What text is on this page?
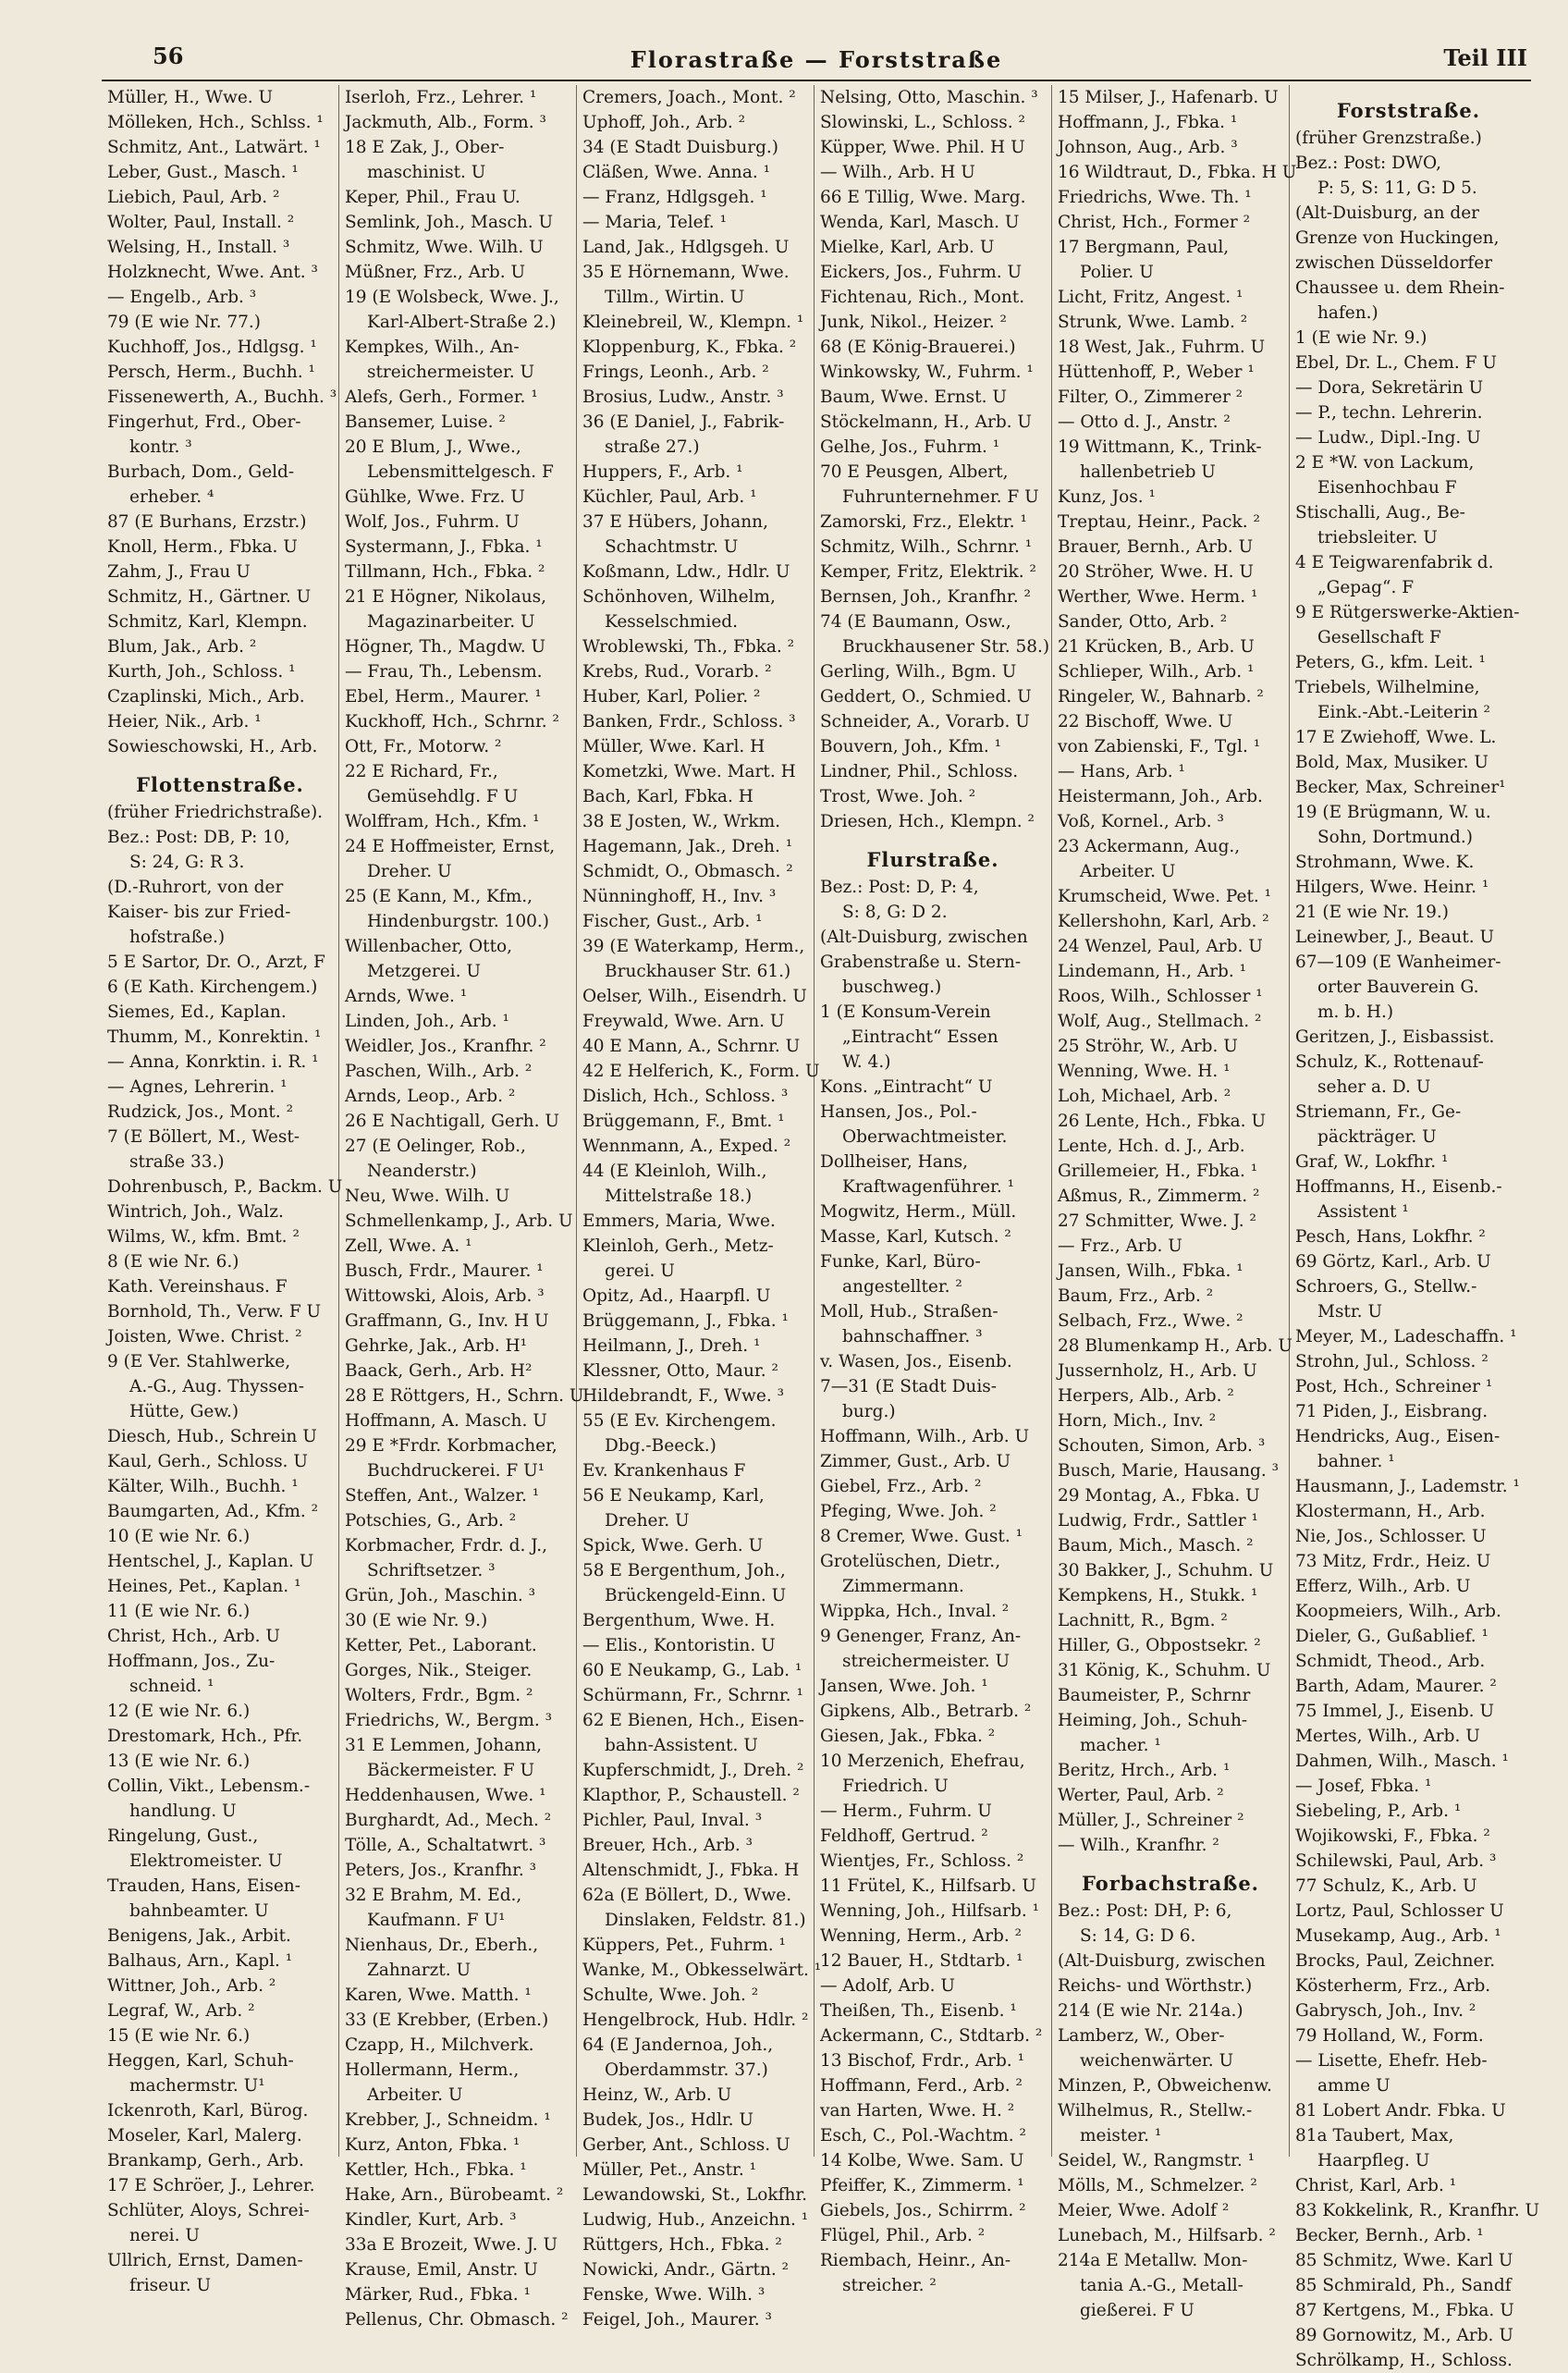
56	Florastraße — Forststraße	Teil III
Müller, H., Wwe. U
Mölleken, Hch., Schlss. ¹
Schmitz, Ant., Latwärt. ¹
Leber, Gust., Masch. ¹
Liebich, Paul, Arb. ²
Wolter, Paul, Install. ²
Welsing, H., Install. ³
Holzknecht, Wwe. Ant. ³
— Engelb., Arb. ³
79 (E wie Nr. 77.)
Kuchhoff, Jos., Hdlgsg. ¹
Persch, Herm., Buchh. ¹
Fissenewerth, A., Buchh. ³
Fingerhut, Frd., Ober-
kontr. ³
Burbach, Dom., Geld-
erheber. ⁴
87 (E Burhans, Erzstr.)
Knoll, Herm., Fbka. U
Zahm, J., Frau U
Schmitz, H., Gärtner. U
Schmitz, Karl, Klempn.
Blum, Jak., Arb. ²
Kurth, Joh., Schloss. ¹
Czaplinski, Mich., Arb.
Heier, Nik., Arb. ¹
Sowieschowski, H., Arb.
Flottenstraße.
(früher Friedrichstraße).
Bez.: Post: DB, P: 10,
S: 24, G: R 3.
(D.-Ruhrort, von der
Kaiser- bis zur Fried-
hofstraße.)
5 E Sartor, Dr. O., Arzt, F
6 (E Kath. Kirchengem.)
Siemes, Ed., Kaplan.
Thumm, M., Konrektin. ¹
— Anna, Konrktin. i. R. ¹
— Agnes, Lehrerin. ¹
Rudzick, Jos., Mont. ²
7 (E Böllert, M., West-
straße 33.)
Dohrenbusch, P., Backm. U
Wintrich, Joh., Walz.
Wilms, W., kfm. Bmt. ²
8 (E wie Nr. 6.)
Kath. Vereinshaus. F
Bornhold, Th., Verw. F U
Joisten, Wwe. Christ. ²
9 (E Ver. Stahlwerke,
A.-G., Aug. Thyssen-
Hütte, Gew.)
Diesch, Hub., Schrein U
Kaul, Gerh., Schloss. U
Kälter, Wilh., Buchh. ¹
Baumgarten, Ad., Kfm. ²
10 (E wie Nr. 6.)
Hentschel, J., Kaplan. U
Heines, Pet., Kaplan. ¹
11 (E wie Nr. 6.)
Christ, Hch., Arb. U
Hoffmann, Jos., Zu-
schneid. ¹
12 (E wie Nr. 6.)
Drestomark, Hch., Pfr.
13 (E wie Nr. 6.)
Collin, Vikt., Lebensm.-
handlung. U
Ringelung, Gust.,
Elektromeister. U
Trauden, Hans, Eisen-
bahnbeamter. U
Benigens, Jak., Arbit.
Balhaus, Arn., Kapl. ¹
Wittner, Joh., Arb. ²
Legraf, W., Arb. ²
15 (E wie Nr. 6.)
Heggen, Karl, Schuh-
machermstr. U¹
Ickenroth, Karl, Bürog.
Moseler, Karl, Malerg.
Brankamp, Gerh., Arb.
17 E Schröer, J., Lehrer.
Schlüter, Aloys, Schrei-
nerei. U
Ullrich, Ernst, Damen-
friseur. U
Iserloh, Frz., Lehrer. ¹
Jackmuth, Alb., Form. ³
18 E Zak, J., Ober-
maschinist. U
Keper, Phil., Frau U.
Semlink, Joh., Masch. U
Schmitz, Wwe. Wilh. U
Müßner, Frz., Arb. U
19 (E Wolsbeck, Wwe. J.,
Karl-Albert-Straße 2.)
Kempkes, Wilh., An-
streichermeister. U
Alefs, Gerh., Former. ¹
Bansemer, Luise. ²
20 E Blum, J., Wwe.,
Lebensmittelgesch. F
Gühlke, Wwe. Frz. U
Wolf, Jos., Fuhrm. U
Systermann, J., Fbka. ¹
Tillmann, Hch., Fbka. ²
21 E Högner, Nikolaus,
Magazinarbeiter. U
Högner, Th., Magdw. U
— Frau, Th., Lebensm.
Ebel, Herm., Maurer. ¹
Kuckhoff, Hch., Schrnr. ²
Ott, Fr., Motorw. ²
22 E Richard, Fr.,
Gemüsehdlg. F U
Wolffram, Hch., Kfm. ¹
24 E Hoffmeister, Ernst,
Dreher. U
25 (E Kann, M., Kfm.,
Hindenburgstr. 100.)
Willenbacher, Otto,
Metzgerei. U
Arnds, Wwe. ¹
Linden, Joh., Arb. ¹
Weidler, Jos., Kranfhr. ²
Paschen, Wilh., Arb. ²
Arnds, Leop., Arb. ²
26 E Nachtigall, Gerh. U
27 (E Oelinger, Rob.,
Neanderstr.)
Neu, Wwe. Wilh. U
Schmellenkamp, J., Arb. U
Zell, Wwe. A. ¹
Busch, Frdr., Maurer. ¹
Wittowski, Alois, Arb. ³
Graffmann, G., Inv. H U
Gehrke, Jak., Arb. H¹
Baack, Gerh., Arb. H²
28 E Röttgers, H., Schrn. U
Hoffmann, A. Masch. U
29 E *Frdr. Korbmacher,
Buchdruckerei. F U¹
Steffen, Ant., Walzer. ¹
Potschies, G., Arb. ²
Korbmacher, Frdr. d. J.,
Schriftsetzer. ³
Grün, Joh., Maschin. ³
30 (E wie Nr. 9.)
Ketter, Pet., Laborant.
Gorges, Nik., Steiger.
Wolters, Frdr., Bgm. ²
Friedrichs, W., Bergm. ³
31 E Lemmen, Johann,
Bäckermeister. F U
Heddenhausen, Wwe. ¹
Burghardt, Ad., Mech. ²
Tölle, A., Schaltatwrt. ³
Peters, Jos., Kranfhr. ³
32 E Brahm, M. Ed.,
Kaufmann. F U¹
Nienhaus, Dr., Eberh.,
Zahnarzt. U
Karen, Wwe. Matth. ¹
33 (E Krebber, (Erben.)
Czapp, H., Milchverk.
Hollermann, Herm.,
Arbeiter. U
Krebber, J., Schneidm. ¹
Kurz, Anton, Fbka. ¹
Kettler, Hch., Fbka. ¹
Hake, Arn., Bürobeamt. ²
Kindler, Kurt, Arb. ³
33a E Brozeit, Wwe. J. U
Krause, Emil, Anstr. U
Märker, Rud., Fbka. ¹
Pellenus, Chr. Obmasch. ²
Cremers, Joach., Mont. ²
Uphoff, Joh., Arb. ²
34 (E Stadt Duisburg.)
Cläßen, Wwe. Anna. ¹
— Franz, Hdlgsgeh. ¹
— Maria, Telef. ¹
Land, Jak., Hdlgsgeh. U
35 E Hörnemann, Wwe.
Tillm., Wirtin. U
Kleinebreil, W., Klempn. ¹
Kloppenburg, K., Fbka. ²
Frings, Leonh., Arb. ²
Brosius, Ludw., Anstr. ³
36 (E Daniel, J., Fabrik-
straße 27.)
Huppers, F., Arb. ¹
Küchler, Paul, Arb. ¹
37 E Hübers, Johann,
Schachtmstr. U
Koßmann, Ldw., Hdlr. U
Schönhoven, Wilhelm,
Kesselschmied.
Wroblewski, Th., Fbka. ²
Krebs, Rud., Vorarb. ²
Huber, Karl, Polier. ²
Banken, Frdr., Schloss. ³
Müller, Wwe. Karl. H
Kometzki, Wwe. Mart. H
Bach, Karl, Fbka. H
38 E Josten, W., Wrkm.
Hagemann, Jak., Dreh. ¹
Schmidt, O., Obmasch. ²
Nünninghoff, H., Inv. ³
Fischer, Gust., Arb. ¹
39 (E Waterkamp, Herm.,
Bruckhauser Str. 61.)
Oelser, Wilh., Eisendrh. U
Freywald, Wwe. Arn. U
40 E Mann, A., Schrnr. U
42 E Helferich, K., Form. U
Dislich, Hch., Schloss. ³
Brüggemann, F., Bmt. ¹
Wennmann, A., Exped. ²
44 (E Kleinloh, Wilh.,
Mittelstraße 18.)
Emmers, Maria, Wwe.
Kleinloh, Gerh., Metz-
gerei. U
Opitz, Ad., Haarpfl. U
Brüggemann, J., Fbka. ¹
Heilmann, J., Dreh. ¹
Klessner, Otto, Maur. ²
Hildebrandt, F., Wwe. ³
55 (E Ev. Kirchengem.
Dbg.-Beeck.)
Ev. Krankenhaus F
56 E Neukamp, Karl,
Dreher. U
Spick, Wwe. Gerh. U
58 E Bergenthum, Joh.,
Brückengeld-Einn. U
Bergenthum, Wwe. H.
— Elis., Kontoristin. U
60 E Neukamp, G., Lab. ¹
Schürmann, Fr., Schrnr. ¹
62 E Bienen, Hch., Eisen-
bahn-Assistent. U
Kupferschmidt, J., Dreh. ²
Klapthor, P., Schaustell. ²
Pichler, Paul, Inval. ³
Breuer, Hch., Arb. ³
Altenschmidt, J., Fbka. H
62a (E Böllert, D., Wwe.
Dinslaken, Feldstr. 81.)
Küppers, Pet., Fuhrm. ¹
Wanke, M., Obkesselwärt. ¹
Schulte, Wwe. Joh. ²
Hengelbrock, Hub. Hdlr. ²
64 (E Jandernoa, Joh.,
Oberdammstr. 37.)
Heinz, W., Arb. U
Budek, Jos., Hdlr. U
Gerber, Ant., Schloss. U
Müller, Pet., Anstr. ¹
Lewandowski, St., Lokfhr.
Ludwig, Hub., Anzeichn. ¹
Rüttgers, Hch., Fbka. ²
Nowicki, Andr., Gärtn. ²
Fenske, Wwe. Wilh. ³
Feigel, Joh., Maurer. ³
Nelsing, Otto, Maschin. ³
Slowinski, L., Schloss. ²
Küpper, Wwe. Phil. H U
— Wilh., Arb. H U
66 E Tillig, Wwe. Marg.
Wenda, Karl, Masch. U
Mielke, Karl, Arb. U
Eickers, Jos., Fuhrm. U
Fichtenau, Rich., Mont.
Junk, Nikol., Heizer. ²
68 (E König-Brauerei.)
Winkowsky, W., Fuhrm. ¹
Baum, Wwe. Ernst. U
Stöckelmann, H., Arb. U
Gelhe, Jos., Fuhrm. ¹
70 E Peusgen, Albert,
Fuhrunternehmer. F U
Zamorski, Frz., Elektr. ¹
Schmitz, Wilh., Schrnr. ¹
Kemper, Fritz, Elektrik. ²
Bernsen, Joh., Kranfhr. ²
74 (E Baumann, Osw.,
Bruckhausener Str. 58.)
Gerling, Wilh., Bgm. U
Geddert, O., Schmied. U
Schneider, A., Vorarb. U
Bouvern, Joh., Kfm. ¹
Lindner, Phil., Schloss.
Trost, Wwe. Joh. ²
Driesen, Hch., Klempn. ²
Flurstraße.
Bez.: Post: D, P: 4,
S: 8, G: D 2.
(Alt-Duisburg, zwischen
Grabenstraße u. Stern-
buschweg.)
1 (E Konsum-Verein
„Eintracht“ Essen
W. 4.)
Kons. „Eintracht“ U
Hansen, Jos., Pol.-
Oberwachtmeister.
Dollheiser, Hans,
Kraftwagenführer. ¹
Mogwitz, Herm., Müll.
Masse, Karl, Kutsch. ²
Funke, Karl, Büro-
angestellter. ²
Moll, Hub., Straßen-
bahnschaffner. ³
v. Wasen, Jos., Eisenb.
7—31 (E Stadt Duis-
burg.)
Hoffmann, Wilh., Arb. U
Zimmer, Gust., Arb. U
Giebel, Frz., Arb. ²
Pfeging, Wwe. Joh. ²
8 Cremer, Wwe. Gust. ¹
Grotelüschen, Dietr.,
Zimmermann.
Wippka, Hch., Inval. ²
9 Genenger, Franz, An-
streichermeister. U
Jansen, Wwe. Joh. ¹
Gipkens, Alb., Betrarb. ²
Giesen, Jak., Fbka. ²
10 Merzenich, Ehefrau,
Friedrich. U
— Herm., Fuhrm. U
Feldhoff, Gertrud. ²
Wientjes, Fr., Schloss. ²
11 Frütel, K., Hilfsarb. U
Wenning, Joh., Hilfsarb. ¹
Wenning, Herm., Arb. ²
12 Bauer, H., Stdtarb. ¹
— Adolf, Arb. U
Theißen, Th., Eisenb. ¹
Ackermann, C., Stdtarb. ²
13 Bischof, Frdr., Arb. ¹
Hoffmann, Ferd., Arb. ²
van Harten, Wwe. H. ²
Esch, C., Pol.-Wachtm. ²
14 Kolbe, Wwe. Sam. U
Pfeiffer, K., Zimmerm. ¹
Giebels, Jos., Schirrm. ²
Flügel, Phil., Arb. ²
Riembach, Heinr., An-
streicher. ²
15 Milser, J., Hafenarb. U
Hoffmann, J., Fbka. ¹
Johnson, Aug., Arb. ³
16 Wildtraut, D., Fbka. H U
Friedrichs, Wwe. Th. ¹
Christ, Hch., Former ²
17 Bergmann, Paul,
Polier. U
Licht, Fritz, Angest. ¹
Strunk, Wwe. Lamb. ²
18 West, Jak., Fuhrm. U
Hüttenhoff, P., Weber ¹
Filter, O., Zimmerer ²
— Otto d. J., Anstr. ²
19 Wittmann, K., Trink-
hallenbetrieb U
Kunz, Jos. ¹
Treptau, Heinr., Pack. ²
Brauer, Bernh., Arb. U
20 Ströher, Wwe. H. U
Werther, Wwe. Herm. ¹
Sander, Otto, Arb. ²
21 Krücken, B., Arb. U
Schlieper, Wilh., Arb. ¹
Ringeler, W., Bahnarb. ²
22 Bischoff, Wwe. U
von Zabienski, F., Tgl. ¹
— Hans, Arb. ¹
Heistermann, Joh., Arb.
Voß, Kornel., Arb. ³
23 Ackermann, Aug.,
Arbeiter. U
Krumscheid, Wwe. Pet. ¹
Kellershohn, Karl, Arb. ²
24 Wenzel, Paul, Arb. U
Lindemann, H., Arb. ¹
Roos, Wilh., Schlosser ¹
Wolf, Aug., Stellmach. ²
25 Ströhr, W., Arb. U
Wenning, Wwe. H. ¹
Loh, Michael, Arb. ²
26 Lente, Hch., Fbka. U
Lente, Hch. d. J., Arb.
Grillemeier, H., Fbka. ¹
Aßmus, R., Zimmerm. ²
27 Schmitter, Wwe. J. ²
— Frz., Arb. U
Jansen, Wilh., Fbka. ¹
Baum, Frz., Arb. ²
Selbach, Frz., Wwe. ²
28 Blumenkamp H., Arb. U
Jussernholz, H., Arb. U
Herpers, Alb., Arb. ²
Horn, Mich., Inv. ²
Schouten, Simon, Arb. ³
Busch, Marie, Hausang. ³
29 Montag, A., Fbka. U
Ludwig, Frdr., Sattler ¹
Baum, Mich., Masch. ²
30 Bakker, J., Schuhm. U
Kempkens, H., Stukk. ¹
Lachnitt, R., Bgm. ²
Hiller, G., Obpostsekr. ²
31 König, K., Schuhm. U
Baumeister, P., Schrnr
Heiming, Joh., Schuh-
macher. ¹
Beritz, Hrch., Arb. ¹
Werter, Paul, Arb. ²
Müller, J., Schreiner ²
— Wilh., Kranfhr. ²
Forbachstraße.
Bez.: Post: DH, P: 6,
S: 14, G: D 6.
(Alt-Duisburg, zwischen
Reichs- und Wörthstr.)
214 (E wie Nr. 214a.)
Lamberz, W., Ober-
weichenwärter. U
Minzen, P., Obweichenw.
Wilhelmus, R., Stellw.-
meister. ¹
Seidel, W., Rangmstr. ¹
Mölls, M., Schmelzer. ²
Meier, Wwe. Adolf ²
Lunebach, M., Hilfsarb. ²
214a E Metallw. Mon-
tania A.-G., Metall-
gießerei. F U
Forststraße.
(früher Grenzstraße.)
Bez.: Post: DWO,
P: 5, S: 11, G: D 5.
(Alt-Duisburg, an der
Grenze von Huckingen,
zwischen Düsseldorfer
Chaussee u. dem Rhein-
hafen.)
1 (E wie Nr. 9.)
Ebel, Dr. L., Chem. F U
— Dora, Sekretärin U
— P., techn. Lehrerin.
— Ludw., Dipl.-Ing. U
2 E *W. von Lackum,
Eisenhochbau F
Stischalli, Aug., Be-
triebsleiter. U
4 E Teigwarenfabrik d.
„Gepag“. F
9 E Rütgerswerke-Aktien-
Gesellschaft F
Peters, G., kfm. Leit. ¹
Triebels, Wilhelmine,
Eink.-Abt.-Leiterin ²
17 E Zwiehoff, Wwe. L.
Bold, Max, Musiker. U
Becker, Max, Schreiner¹
19 (E Brügmann, W. u.
Sohn, Dortmund.)
Strohmann, Wwe. K.
Hilgers, Wwe. Heinr. ¹
21 (E wie Nr. 19.)
Leinewber, J., Beaut. U
67—109 (E Wanheimer-
orter Bauverein G.
m. b. H.)
Geritzen, J., Eisbassist.
Schulz, K., Rottenauf-
seher a. D. U
Striemann, Fr., Ge-
päckträger. U
Graf, W., Lokfhr. ¹
Hoffmanns, H., Eisenb.-
Assistent ¹
Pesch, Hans, Lokfhr. ²
69 Görtz, Karl., Arb. U
Schroers, G., Stellw.-
Mstr. U
Meyer, M., Ladeschaffn. ¹
Strohn, Jul., Schloss. ²
Post, Hch., Schreiner ¹
71 Piden, J., Eisbrang.
Hendricks, Aug., Eisen-
bahner. ¹
Hausmann, J., Lademstr. ¹
Klostermann, H., Arb.
Nie, Jos., Schlosser. U
73 Mitz, Frdr., Heiz. U
Efferz, Wilh., Arb. U
Koopmeiers, Wilh., Arb.
Dieler, G., Gußablief. ¹
Schmidt, Theod., Arb.
Barth, Adam, Maurer. ²
75 Immel, J., Eisenb. U
Mertes, Wilh., Arb. U
Dahmen, Wilh., Masch. ¹
— Josef, Fbka. ¹
Siebeling, P., Arb. ¹
Wojikowski, F., Fbka. ²
Schilewski, Paul, Arb. ³
77 Schulz, K., Arb. U
Lortz, Paul, Schlosser U
Musekamp, Aug., Arb. ¹
Brocks, Paul, Zeichner.
Kösterherm, Frz., Arb.
Gabrysch, Joh., Inv. ²
79 Holland, W., Form.
— Lisette, Ehefr. Heb-
amme U
81 Lobert Andr. Fbka. U
81a Taubert, Max,
Haarpfleg. U
Christ, Karl, Arb. ¹
83 Kokkelink, R., Kranfhr. U
Becker, Bernh., Arb. ¹
85 Schmitz, Wwe. Karl U
85 Schmirald, Ph., Sandf
87 Kertgens, M., Fbka. U
89 Gornowitz, M., Arb. U
Schrölkamp, H., Schloss.
